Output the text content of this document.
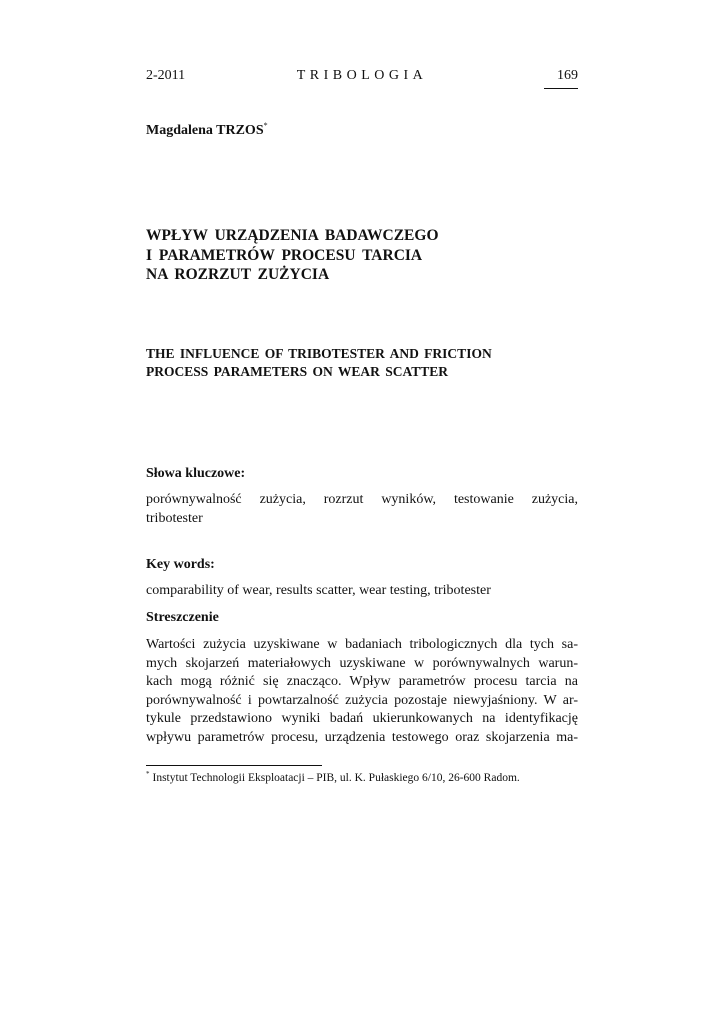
2-2011	TRIBOLOGIA	169
Magdalena TRZOS*
WPŁYW URZĄDZENIA BADAWCZEGO
I PARAMETRÓW PROCESU TARCIA
NA ROZRZUT ZUŻYCIA
THE INFLUENCE OF TRIBOTESTER AND FRICTION
PROCESS PARAMETERS ON WEAR SCATTER
Słowa kluczowe:
porównywalność zużycia, rozrzut wyników, testowanie zużycia,
tribotester
Key words:
comparability of wear, results scatter, wear testing, tribotester
Streszczenie
Wartości zużycia uzyskiwane w badaniach tribologicznych dla tych sa-
mych skojarzeń materiałowych uzyskiwane w porównywalnych warun-
kach mogą różnić się znacząco. Wpływ parametrów procesu tarcia na
porównywalność i powtarzalność zużycia pozostaje niewyjaśniony. W ar-
tykule przedstawiono wyniki badań ukierunkowanych na identyfikację
wpływu parametrów procesu, urządzenia testowego oraz skojarzenia ma-
* Instytut Technologii Eksploatacji – PIB, ul. K. Pułaskiego 6/10, 26-600 Radom.
